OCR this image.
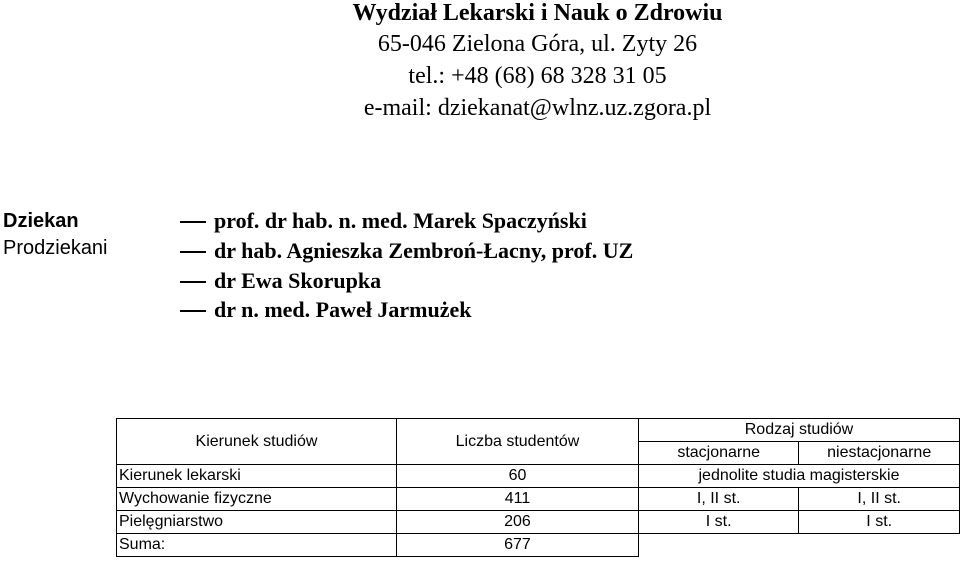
Wydział Lekarski i Nauk o Zdrowiu
65-046 Zielona Góra, ul. Zyty 26
tel.: +48 (68) 68 328 31 05
e-mail: dziekanat@wlnz.uz.zgora.pl
Dziekan
Prodziekani
prof. dr hab. n. med. Marek Spaczyński
dr hab. Agnieszka Zembroń-Łacny, prof. UZ
dr Ewa Skorupka
dr n. med. Paweł Jarmużek
Kierunek studiów	Liczba studentów	Rodzaj studiów	
		stacjonarne	niestacjonarne
Kierunek lekarski	60	jednolite studia magisterskie	
Wychowanie fizyczne	411	I, II st.	I, II st.
Pielęgniarstwo	206	I st.	I st.
Suma:	677		
